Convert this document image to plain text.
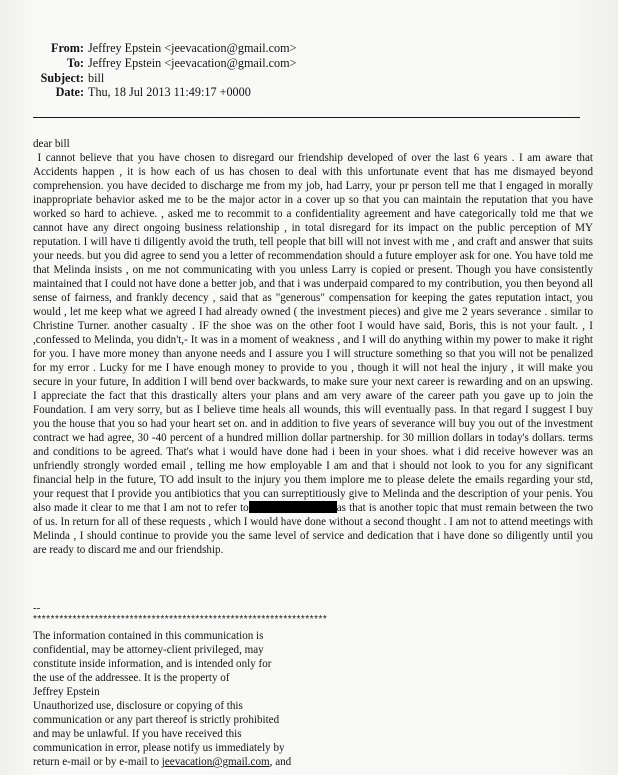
From: Jeffrey Epstein <jeevacation@gmail.com>
To: Jeffrey Epstein <jeevacation@gmail.com>
Subject: bill
Date: Thu, 18 Jul 2013 11:49:17 +0000

dear bill

I cannot believe that you have chosen to disregard our friendship developed of over the last 6 years . I am aware that Accidents happen , it is how each of us has chosen to deal with this unfortunate event that has me dismayed beyond comprehension. you have decided to discharge me from my job, had Larry, your pr person tell me that I engaged in morally inappropriate behavior asked me to be the major actor in a cover up so that you can maintain the reputation that you have worked so hard to achieve. , asked me to recommit to a confidentiality agreement and have categorically told me that we cannot have any direct ongoing business relationship , in total disregard for its impact on the public perception of MY reputation. I will have ti diligently avoid the truth, tell people that bill will not invest with me , and craft and answer that suits your needs. but you did agree to send you a letter of recommendation should a future employer ask for one. You have told me that Melinda insists , on me not communicating with you unless Larry is copied or present. Though you have consistently maintained that I could not have done a better job, and that i was underpaid compared to my contribution, you then beyond all sense of fairness, and frankly decency , said that as "generous" compensation for keeping the gates reputation intact, you would , let me keep what we agreed I had already owned ( the investment pieces) and give me 2 years severance . similar to Christine Turner. another casualty . IF the shoe was on the other foot I would have said, Boris, this is not your fault. , I ,confessed to Melinda, you didn't,- It was in a moment of weakness , and I will do anything within my power to make it right for you. I have more money than anyone needs and I assure you I will structure something so that you will not be penalized for my error . Lucky for me I have enough money to provide to you , though it will not heal the injury , it will make you secure in your future, In addition I will bend over backwards, to make sure your next career is rewarding and on an upswing. I appreciate the fact that this drastically alters your plans and am very aware of the career path you gave up to join the Foundation. I am very sorry, but as I believe time heals all wounds, this will eventually pass. In that regard I suggest I buy you the house that you so had your heart set on. and in addition to five years of severance will buy you out of the investment contract we had agree, 30 -40 percent of a hundred million dollar partnership. for 30 million dollars in today's dollars. terms and conditions to be agreed. That's what i would have done had i been in your shoes. what i did receive however was an unfriendly strongly worded email , telling me how employable I am and that i should not look to you for any significant financial help in the future, TO add insult to the injury you them implore me to please delete the emails regarding your std, your request that I provide you antibiotics that you can surreptitiously give to Melinda and the description of your penis. You also made it clear to me that I am not to refer to	as that is another topic that must remain between the two of us. In return for all of these requests , which I would have done without a second thought . I am not to attend meetings with Melinda , I should continue to provide you the same level of service and dedication that i have done so diligently until you are ready to discard me and our friendship.

--
*******************************************************************
The information contained in this communication is
confidential, may be attorney-client privileged, may
constitute inside information, and is intended only for
the use of the addressee. It is the property of
Jeffrey Epstein
Unauthorized use, disclosure or copying of this
communication or any part thereof is strictly prohibited
and may be unlawful. If you have received this
communication in error, please notify us immediately by
return e-mail or by e-mail to jeevacation@gmail.com, and
